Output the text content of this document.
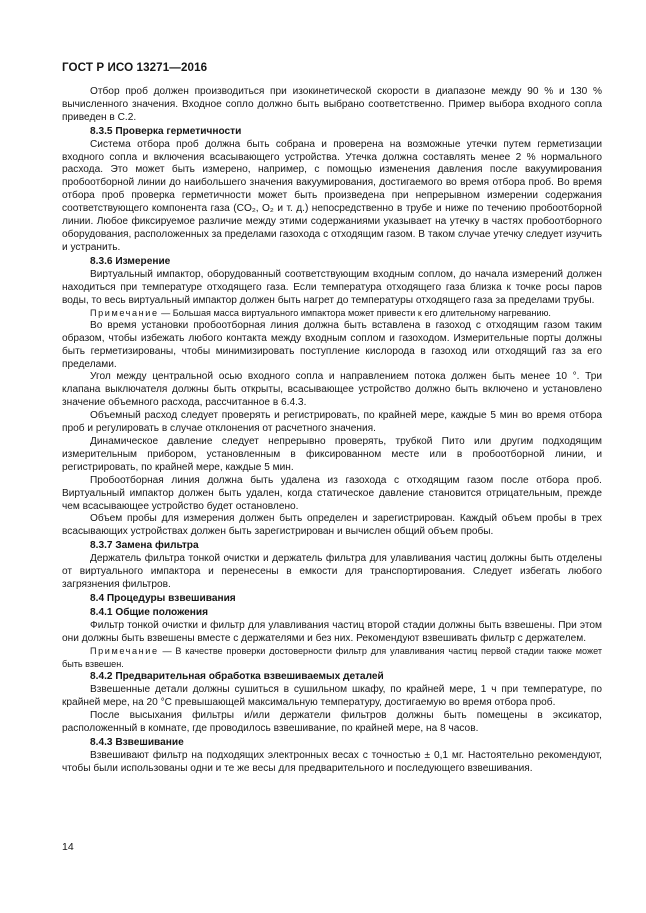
ГОСТ Р ИСО 13271—2016

Отбор проб должен производиться при изокинетической скорости в диапазоне между 90 % и 130 % вычисленного значения. Входное сопло должно быть выбрано соответственно. Пример выбора входного сопла приведен в С.2.

8.3.5 Проверка герметичности

Система отбора проб должна быть собрана и проверена на возможные утечки путем герметизации входного сопла и включения всасывающего устройства. Утечка должна составлять менее 2 % нормального расхода. Это может быть измерено, например, с помощью изменения давления после вакуумирования пробоотборной линии до наибольшего значения вакуумирования, достигаемого во время отбора проб. Во время отбора проб проверка герметичности может быть произведена при непрерывном измерении содержания соответствующего компонента газа (СO₂, O₂ и т. д.) непосредственно в трубе и ниже по течению пробоотборной линии. Любое фиксируемое различие между этими содержаниями указывает на утечку в частях пробоотборного оборудования, расположенных за пределами газохода с отходящим газом. В таком случае утечку следует изучить и устранить.

8.3.6 Измерение

Виртуальный импактор, оборудованный соответствующим входным соплом, до начала измерений должен находиться при температуре отходящего газа. Если температура отходящего газа близка к точке росы паров воды, то весь виртуальный импактор должен быть нагрет до температуры отходящего газа за пределами трубы.

Примечание — Большая масса виртуального импактора может привести к его длительному нагреванию.

Во время установки пробоотборная линия должна быть вставлена в газоход с отходящим газом таким образом, чтобы избежать любого контакта между входным соплом и газоходом. Измерительные порты должны быть герметизированы, чтобы минимизировать поступление кислорода в газоход или отходящий газ за его пределами.

Угол между центральной осью входного сопла и направлением потока должен быть менее 10 °. Три клапана выключателя должны быть открыты, всасывающее устройство должно быть включено и установлено значение объемного расхода, рассчитанное в 6.4.3.

Объемный расход следует проверять и регистрировать, по крайней мере, каждые 5 мин во время отбора проб и регулировать в случае отклонения от расчетного значения.

Динамическое давление следует непрерывно проверять, трубкой Пито или другим подходящим измерительным прибором, установленным в фиксированном месте или в пробоотборной линии, и регистрировать, по крайней мере, каждые 5 мин.

Пробоотборная линия должна быть удалена из газохода с отходящим газом после отбора проб. Виртуальный импактор должен быть удален, когда статическое давление становится отрицательным, прежде чем всасывающее устройство будет остановлено.

Объем пробы для измерения должен быть определен и зарегистрирован. Каждый объем пробы в трех всасывающих устройствах должен быть зарегистрирован и вычислен общий объем пробы.

8.3.7 Замена фильтра

Держатель фильтра тонкой очистки и держатель фильтра для улавливания частиц должны быть отделены от виртуального импактора и перенесены в емкости для транспортирования. Следует избегать любого загрязнения фильтров.

8.4 Процедуры взвешивания

8.4.1 Общие положения

Фильтр тонкой очистки и фильтр для улавливания частиц второй стадии должны быть взвешены. При этом они должны быть взвешены вместе с держателями и без них. Рекомендуют взвешивать фильтр с держателем.

Примечание — В качестве проверки достоверности фильтр для улавливания частиц первой стадии также может быть взвешен.

8.4.2 Предварительная обработка взвешиваемых деталей

Взвешенные детали должны сушиться в сушильном шкафу, по крайней мере, 1 ч при температуре, по крайней мере, на 20 °С превышающей максимальную температуру, достигаемую во время отбора проб.

После высыхания фильтры и/или держатели фильтров должны быть помещены в эксикатор, расположенный в комнате, где проводилось взвешивание, по крайней мере, на 8 часов.

8.4.3 Взвешивание

Взвешивают фильтр на подходящих электронных весах с точностью ± 0,1 мг. Настоятельно рекомендуют, чтобы были использованы одни и те же весы для предварительного и последующего взвешивания.

14
